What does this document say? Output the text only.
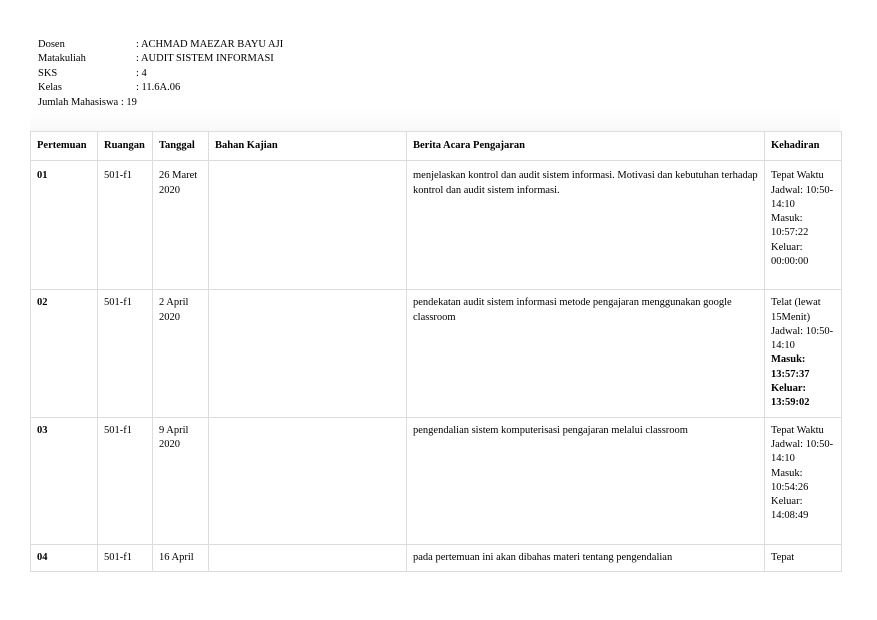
Dosen	: ACHMAD MAEZAR BAYU AJI
Matakuliah	: AUDIT SISTEM INFORMASI
SKS	: 4
Kelas	: 11.6A.06
Jumlah Mahasiswa
: 19
Pertemuan	Ruangan	Tanggal	Bahan Kajian	Berita Acara Pengajaran	Kehadiran
01	501-f1	26 Maret 2020		menjelaskan kontrol dan audit sistem informasi. Motivasi dan kebutuhan terhadap kontrol dan audit sistem informasi.	Tepat Waktu
Jadwal: 10:50-14:10
Masuk: 10:57:22
Keluar: 00:00:00

02	501-f1	2 April 2020		pendekatan audit sistem informasi metode pengajaran menggunakan google classroom	Telat (lewat 15Menit)
Jadwal: 10:50-14:10
Masuk: 13:57:37
Keluar: 13:59:02

03	501-f1	9 April 2020		pengendalian sistem komputerisasi pengajaran melalui classroom	Tepat Waktu
Jadwal: 10:50-14:10
Masuk: 10:54:26
Keluar: 14:08:49

04	501-f1	16 April		pada pertemuan ini akan dibahas materi tentang pengendalian	Tepat
